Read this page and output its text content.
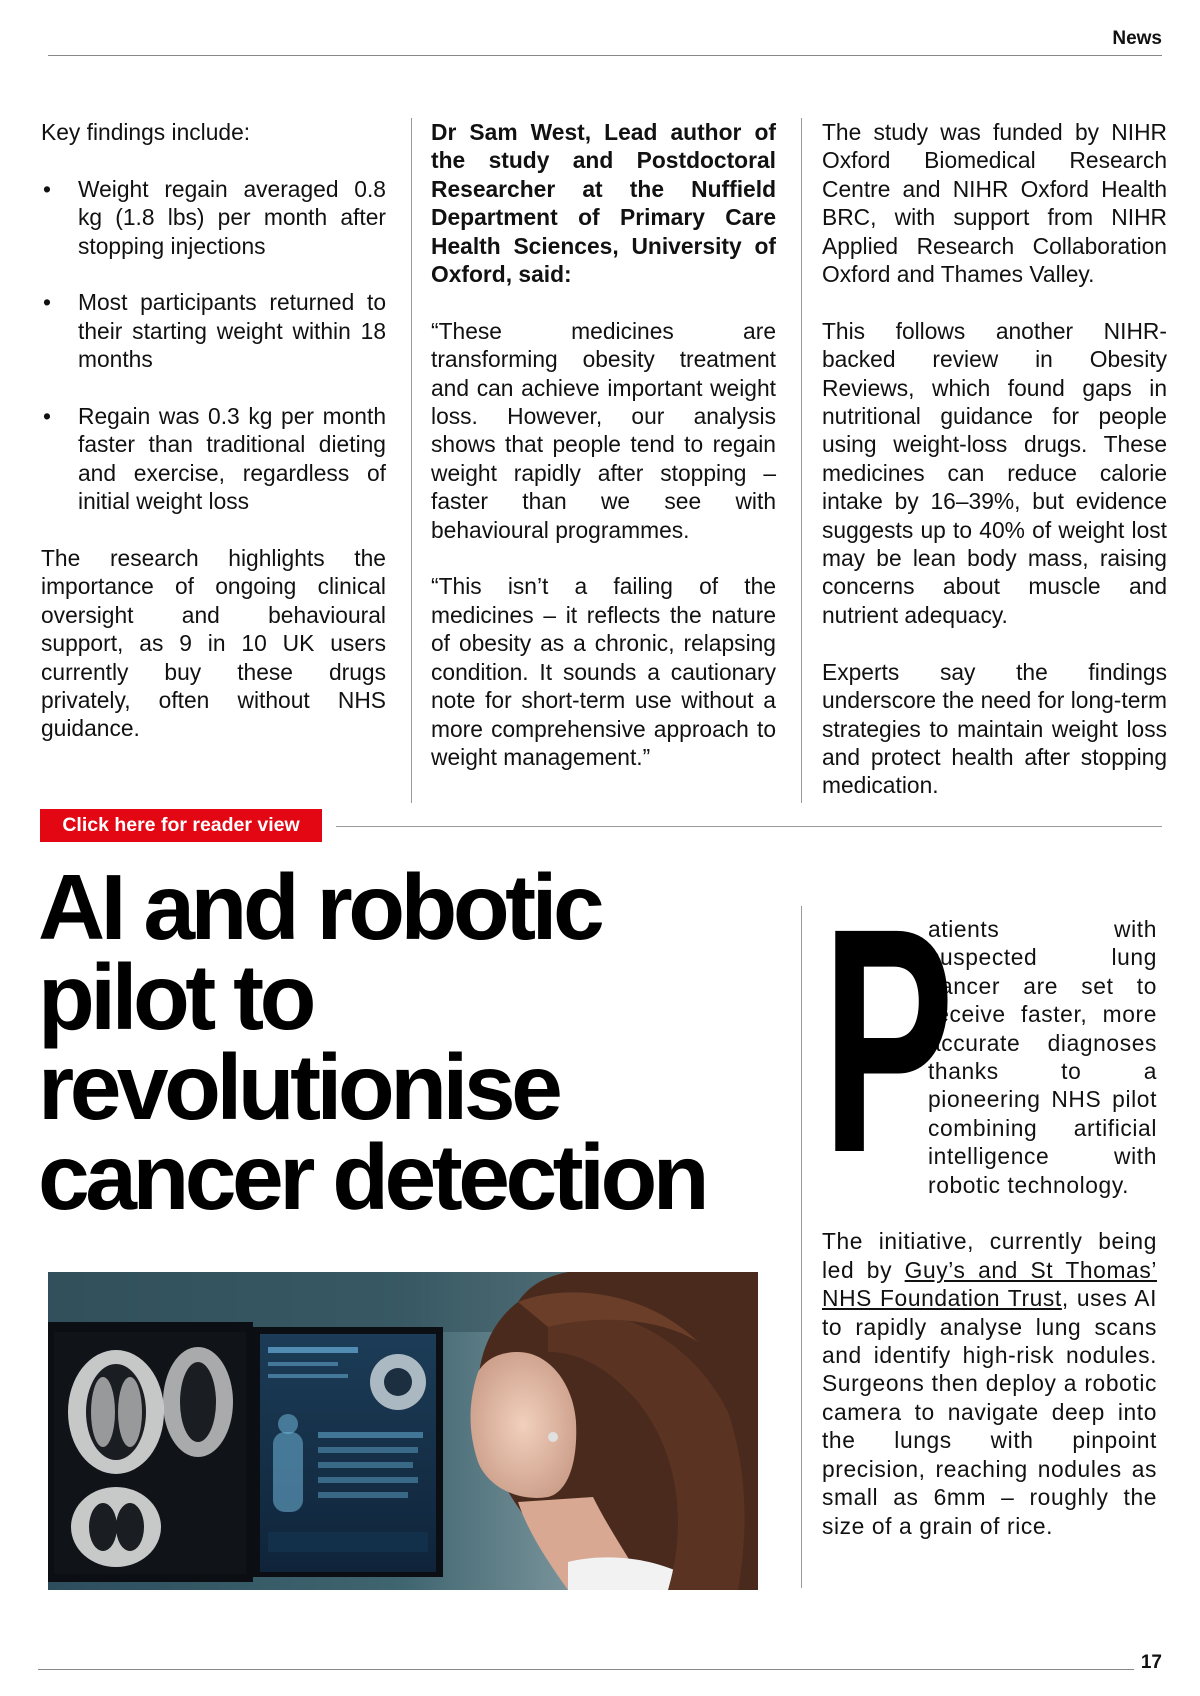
News

Key findings include:

• Weight regain averaged 0.8 kg (1.8 lbs) per month after stopping injections
• Most participants returned to their starting weight within 18 months
• Regain was 0.3 kg per month faster than traditional dieting and exercise, regardless of initial weight loss

The research highlights the importance of ongoing clinical oversight and behavioural support, as 9 in 10 UK users currently buy these drugs privately, often without NHS guidance.

Dr Sam West, Lead author of the study and Postdoctoral Researcher at the Nuffield Department of Primary Care Health Sciences, University of Oxford, said:

“These medicines are transforming obesity treatment and can achieve important weight loss. However, our analysis shows that people tend to regain weight rapidly after stopping – faster than we see with behavioural programmes.

“This isn’t a failing of the medicines – it reflects the nature of obesity as a chronic, relapsing condition. It sounds a cautionary note for short-term use without a more comprehensive approach to weight management.”

The study was funded by NIHR Oxford Biomedical Research Centre and NIHR Oxford Health BRC, with support from NIHR Applied Research Collaboration Oxford and Thames Valley.

This follows another NIHR-backed review in Obesity Reviews, which found gaps in nutritional guidance for people using weight-loss drugs. These medicines can reduce calorie intake by 16–39%, but evidence suggests up to 40% of weight lost may be lean body mass, raising concerns about muscle and nutrient adequacy.

Experts say the findings underscore the need for long-term strategies to maintain weight loss and protect health after stopping medication.

Click here for reader view
AI and robotic
pilot to
revolutionise
cancer detection P
atients with suspected lung cancer are set to receive faster, more accurate diagnoses thanks to a pioneering NHS pilot combining artificial intelligence with robotic technology.

The initiative, currently being led by Guy’s and St Thomas’ NHS Foundation Trust, uses AI to rapidly analyse lung scans and identify high-risk nodules. Surgeons then deploy a robotic camera to navigate deep into the lungs with pinpoint precision, reaching nodules as small as 6mm – roughly the size of a grain of rice.

17
